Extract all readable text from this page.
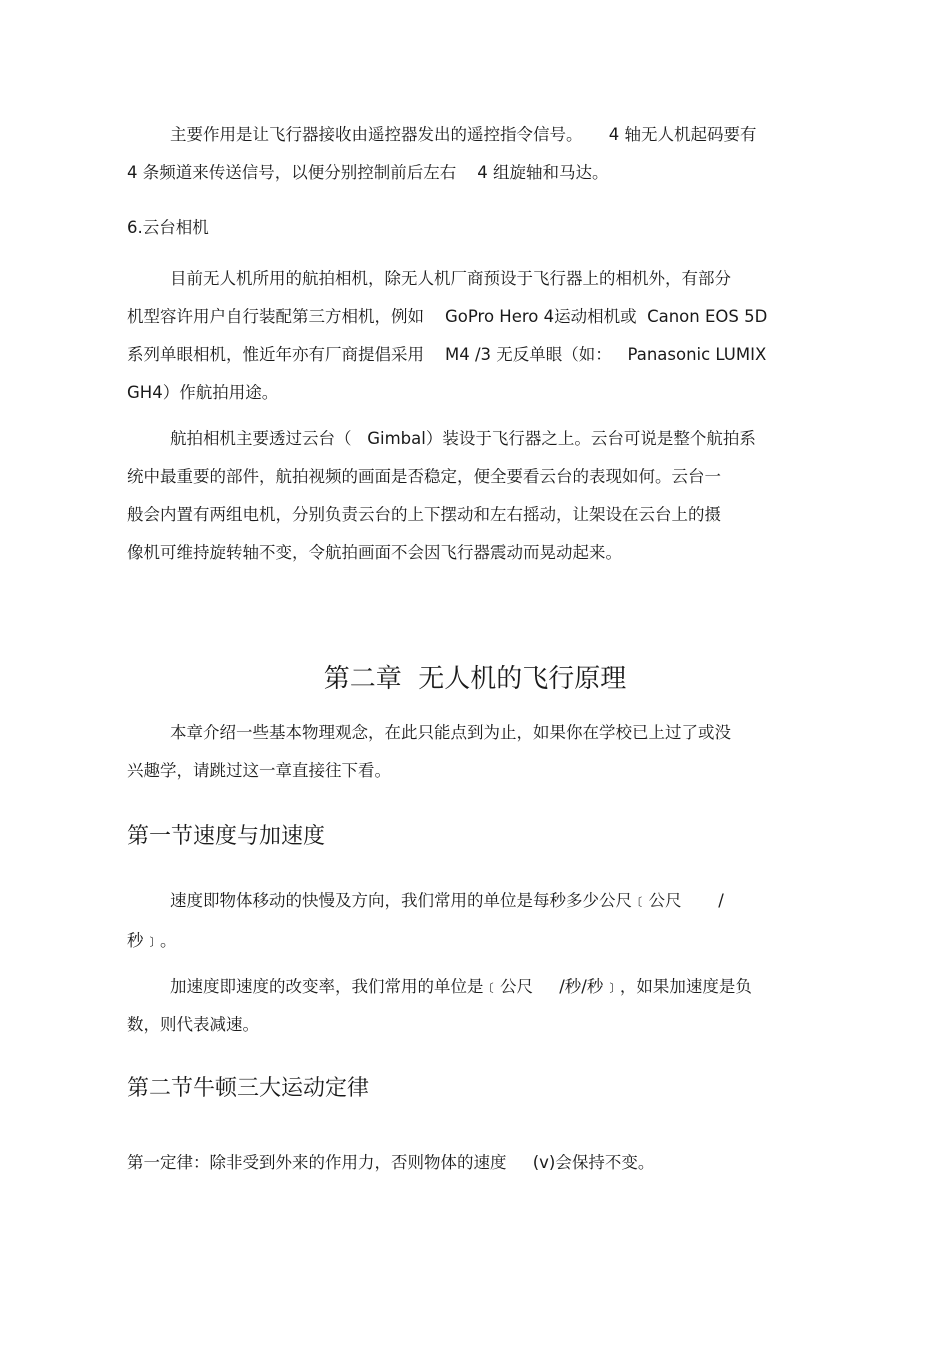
主要作用是让飞行器接收由遥控器发出的遥控指令信号。     4 轴无人机起码要有
4 条频道来传送信号，以便分别控制前后左右    4 组旋轴和马达。
6.云台相机
目前无人机所用的航拍相机，除无人机厂商预设于飞行器上的相机外，有部分
机型容许用户自行装配第三方相机，例如    GoPro Hero 4运动相机或  Canon EOS 5D
系列单眼相机，惟近年亦有厂商提倡采用    M4 /3 无反单眼（如：   Panasonic LUMIX
GH4）作航拍用途。
航拍相机主要透过云台（   Gimbal）装设于飞行器之上。云台可说是整个航拍系
统中最重要的部件，航拍视频的画面是否稳定，便全要看云台的表现如何。云台一
般会内置有两组电机，分别负责云台的上下摆动和左右摇动，让架设在云台上的摄
像机可维持旋转轴不变，令航拍画面不会因飞行器震动而晃动起来。
本章介绍一些基本物理观念，在此只能点到为止，如果你在学校已上过了或没
兴趣学，请跳过这一章直接往下看。
速度即物体移动的快慢及方向，我们常用的单位是每秒多少公尺﹝公尺       /
秒﹞。
加速度即速度的改变率，我们常用的单位是﹝公尺     /秒/秒﹞，如果加速度是负
数，则代表减速。
第一定律：除非受到外来的作用力，否则物体的速度     (v)会保持不变。
第二章  无人机的飞行原理
第一节速度与加速度
第二节牛顿三大运动定律
